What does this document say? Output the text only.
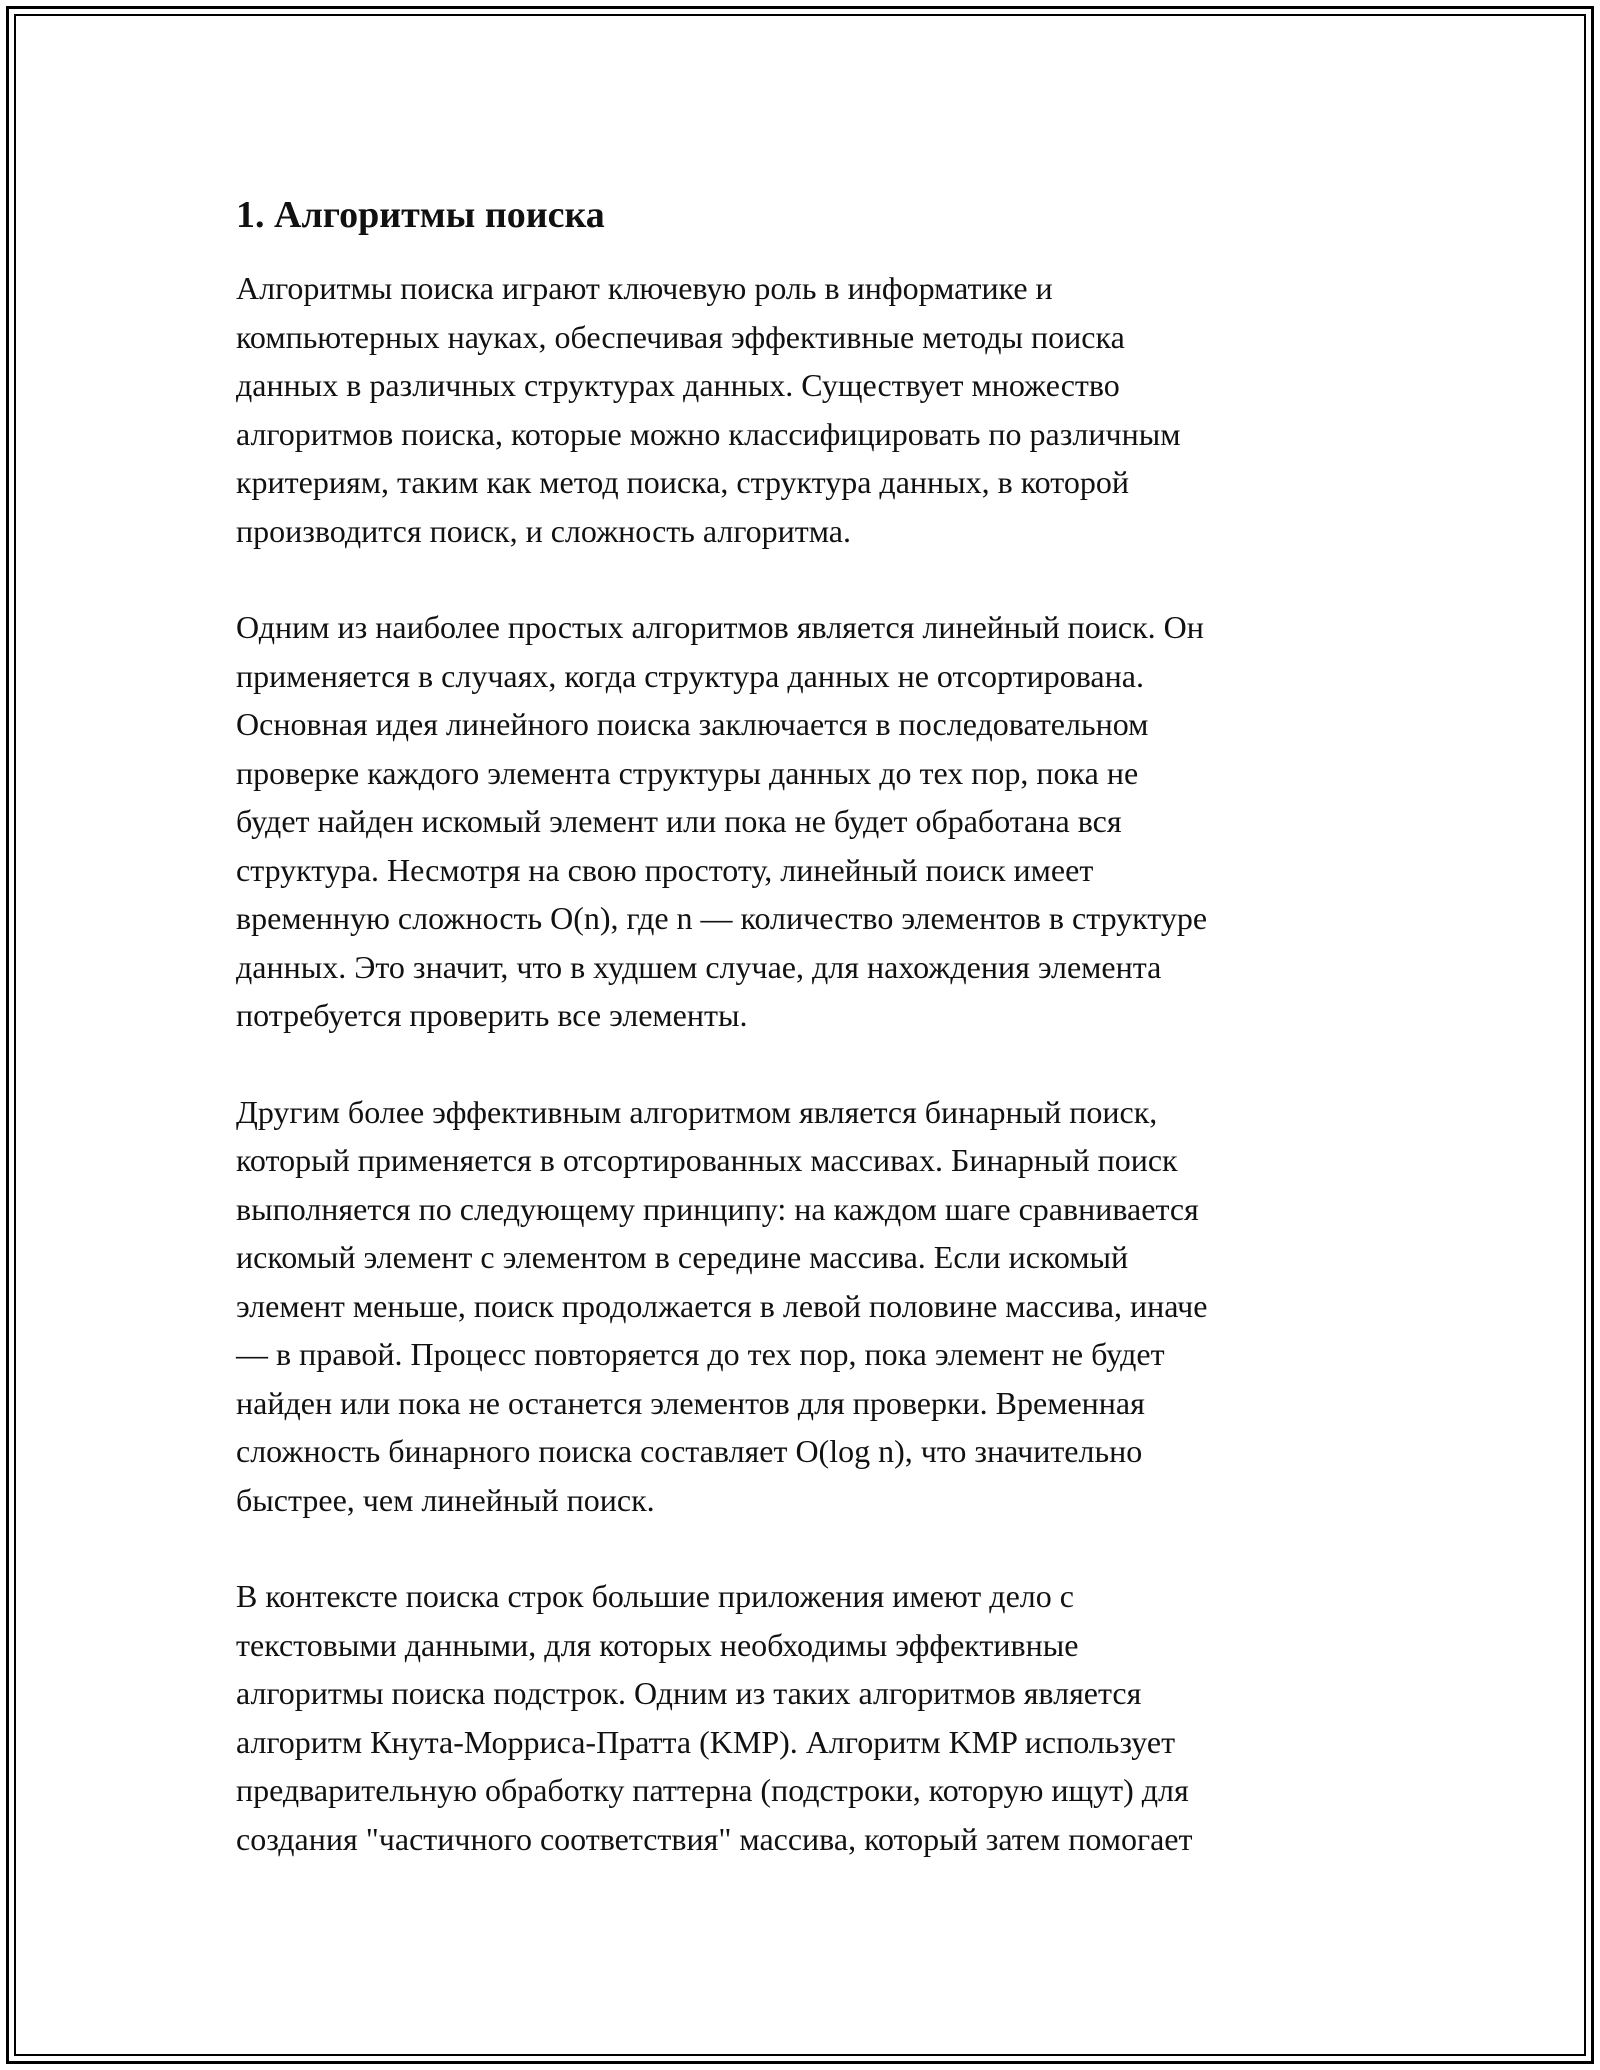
1. Алгоритмы поиска

Алгоритмы поиска играют ключевую роль в информатике и
компьютерных науках, обеспечивая эффективные методы поиска
данных в различных структурах данных. Существует множество
алгоритмов поиска, которые можно классифицировать по различным
критериям, таким как метод поиска, структура данных, в которой
производится поиск, и сложность алгоритма.

Одним из наиболее простых алгоритмов является линейный поиск. Он
применяется в случаях, когда структура данных не отсортирована.
Основная идея линейного поиска заключается в последовательном
проверке каждого элемента структуры данных до тех пор, пока не
будет найден искомый элемент или пока не будет обработана вся
структура. Несмотря на свою простоту, линейный поиск имеет
временную сложность O(n), где n — количество элементов в структуре
данных. Это значит, что в худшем случае, для нахождения элемента
потребуется проверить все элементы.

Другим более эффективным алгоритмом является бинарный поиск,
который применяется в отсортированных массивах. Бинарный поиск
выполняется по следующему принципу: на каждом шаге сравнивается
искомый элемент с элементом в середине массива. Если искомый
элемент меньше, поиск продолжается в левой половине массива, иначе
— в правой. Процесс повторяется до тех пор, пока элемент не будет
найден или пока не останется элементов для проверки. Временная
сложность бинарного поиска составляет O(log n), что значительно
быстрее, чем линейный поиск.

В контексте поиска строк большие приложения имеют дело с
текстовыми данными, для которых необходимы эффективные
алгоритмы поиска подстрок. Одним из таких алгоритмов является
алгоритм Кнута-Морриса-Пратта (KMP). Алгоритм KMP использует
предварительную обработку паттерна (подстроки, которую ищут) для
создания "частичного соответствия" массива, который затем помогает
